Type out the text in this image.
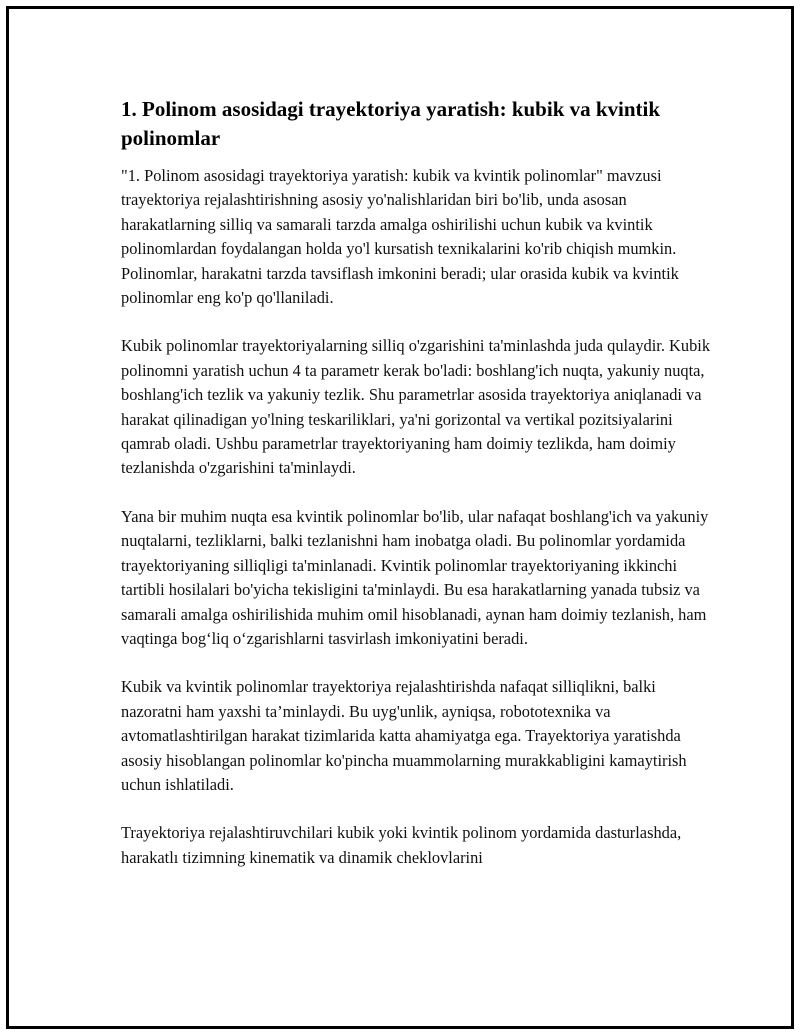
1. Polinom asosidagi trayektoriya yaratish: kubik va kvintik polinomlar

"1. Polinom asosidagi trayektoriya yaratish: kubik va kvintik polinomlar" mavzusi trayektoriya rejalashtirishning asosiy yo'nalishlaridan biri bo'lib, unda asosan harakatlarning silliq va samarali tarzda amalga oshirilishi uchun kubik va kvintik polinomlardan foydalangan holda yo'l kursatish texnikalarini ko'rib chiqish mumkin. Polinomlar, harakatni tarzda tavsiflash imkonini beradi; ular orasida kubik va kvintik polinomlar eng ko'p qo'llaniladi.

Kubik polinomlar trayektoriyalarning silliq o'zgarishini ta'minlashda juda qulaydir. Kubik polinomni yaratish uchun 4 ta parametr kerak bo'ladi: boshlang'ich nuqta, yakuniy nuqta, boshlang'ich tezlik va yakuniy tezlik. Shu parametrlar asosida trayektoriya aniqlanadi va harakat qilinadigan yo'lning teskariliklari, ya'ni gorizontal va vertikal pozitsiyalarini qamrab oladi. Ushbu parametrlar trayektoriyaning ham doimiy tezlikda, ham doimiy tezlanishda o'zgarishini ta'minlaydi.

Yana bir muhim nuqta esa kvintik polinomlar bo'lib, ular nafaqat boshlang'ich va yakuniy nuqtalarni, tezliklarni, balki tezlanishni ham inobatga oladi. Bu polinomlar yordamida trayektoriyaning silliqligi ta'minlanadi. Kvintik polinomlar trayektoriyaning ikkinchi tartibli hosilalari bo'yicha tekisligini ta'minlaydi. Bu esa harakatlarning yanada tubsiz va samarali amalga oshirilishida muhim omil hisoblanadi, aynan ham doimiy tezlanish, ham vaqtinga bog‘liq o‘zgarishlarni tasvirlash imkoniyatini beradi.

Kubik va kvintik polinomlar trayektoriya rejalashtirishda nafaqat silliqlikni, balki nazoratni ham yaxshi ta’minlaydi. Bu uyg'unlik, ayniqsa, robototexnika va avtomatlashtirilgan harakat tizimlarida katta ahamiyatga ega. Trayektoriya yaratishda asosiy hisoblangan polinomlar ko'pincha muammolarning murakkabligini kamaytirish uchun ishlatiladi.

Trayektoriya rejalashtiruvchilari kubik yoki kvintik polinom yordamida dasturlashda, harakatlı tizimning kinematik va dinamik cheklovlarini
